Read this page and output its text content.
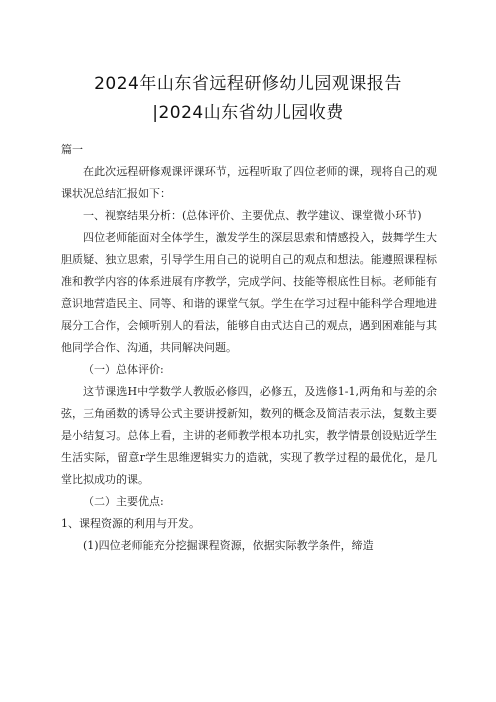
2024年山东省远程研修幼儿园观课报告
|2024山东省幼儿园收费

篇一

在此次远程研修观课评课环节，远程听取了四位老师的课，现将自己的观课状况总结汇报如下：

一、视察结果分析：(总体评价、主要优点、教学建议、课堂微小环节)

四位老师能面对全体学生，激发学生的深层思索和情感投入，鼓舞学生大胆质疑、独立思索，引导学生用自己的说明自己的观点和想法。能遵照课程标准和教学内容的体系进展有序教学，完成学问、技能等根底性目标。老师能有意识地营造民主、同等、和谐的课堂气氛。学生在学习过程中能科学合理地进展分工合作，会倾听别人的看法，能够自由式达自己的观点，遇到困难能与其他同学合作、沟通，共同解决问题。

（一）总体评价:

这节课选H中学数学人教版必修四，必修五，及选修1-1,两角和与差的余弦，三角函数的诱导公式主要讲授新知，数列的概念及简洁表示法，复数主要是小结复习。总体上看，主讲的老师教学根本功扎实，教学情景创设贴近学生生活实际，留意r学生思维逻辑实力的造就，实现了教学过程的最优化，是几堂比拟成功的课。

（二）主要优点:

1、课程资源的利用与开发。

(1)四位老师能充分挖掘课程资源，依据实际教学条件，缔造
